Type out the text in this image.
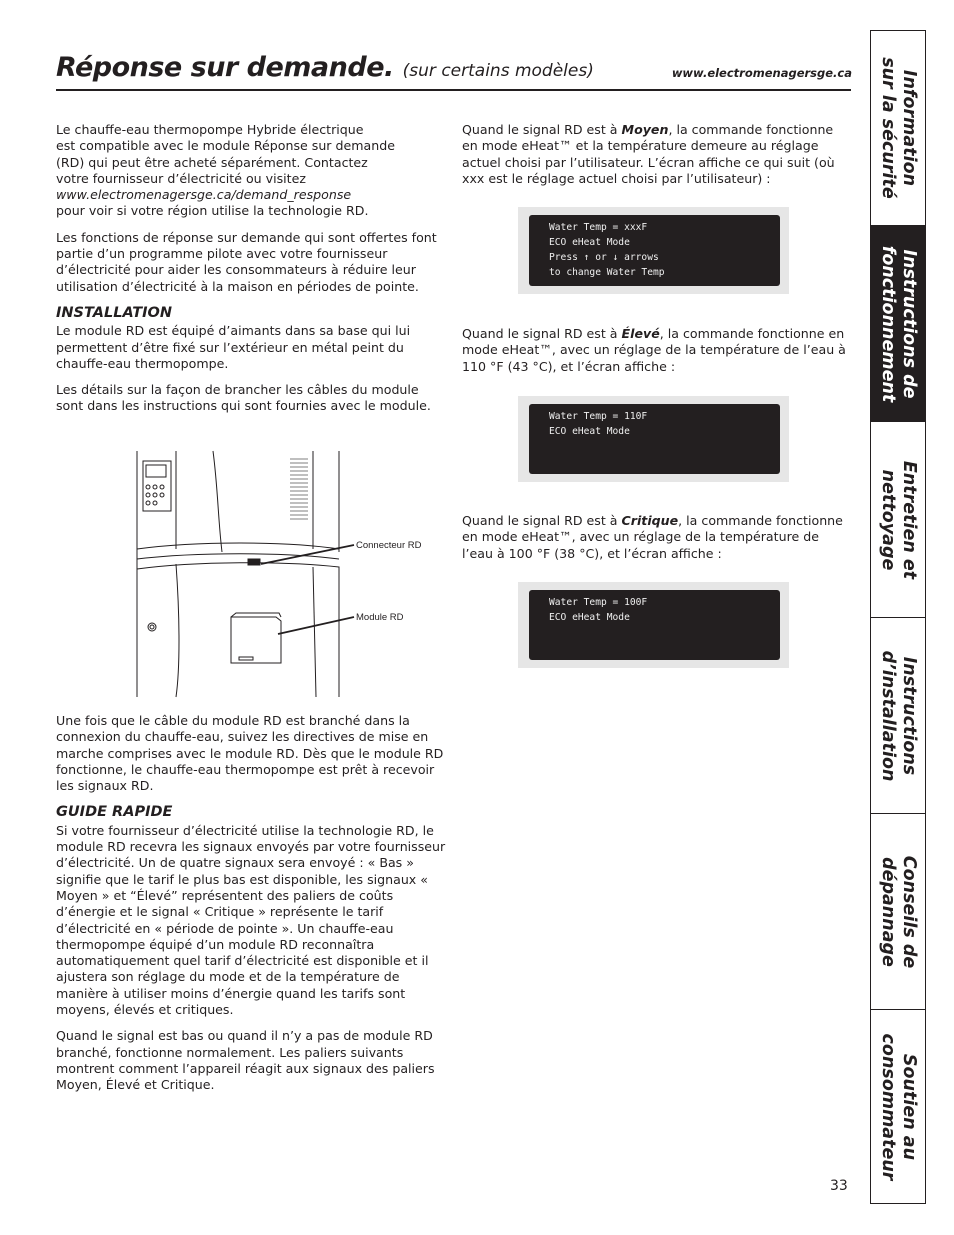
Réponse sur demande. (sur certains modèles)	www.electromenagersge.ca

Le chauffe-eau thermopompe Hybride électrique
est compatible avec le module Réponse sur demande
(RD) qui peut être acheté séparément. Contactez
votre fournisseur d’électricité ou visitez
www.electromenagersge.ca/demand_response
pour voir si votre région utilise la technologie RD.

Les fonctions de réponse sur demande qui sont offertes font partie d’un programme pilote avec votre fournisseur d’électricité pour aider les consommateurs à réduire leur utilisation d’électricité à la maison en périodes de pointe.

INSTALLATION

Le module RD est équipé d’aimants dans sa base qui lui permettent d’être fixé sur l’extérieur en métal peint du chauffe-eau thermopompe.

Les détails sur la façon de brancher les câbles du module sont dans les instructions qui sont fournies avec le module.

Connecteur RD
Module RD

Une fois que le câble du module RD est branché dans la connexion du chauffe-eau, suivez les directives de mise en marche comprises avec le module RD. Dès que le module RD fonctionne, le chauffe-eau thermopompe est prêt à recevoir les signaux RD.

GUIDE RAPIDE

Si votre fournisseur d’électricité utilise la technologie RD, le module RD recevra les signaux envoyés par votre fournisseur d’électricité. Un de quatre signaux sera envoyé : « Bas » signifie que le tarif le plus bas est disponible, les signaux « Moyen » et “Élevé” représentent des paliers de coûts d’énergie et le signal « Critique » représente le tarif d’électricité en « période de pointe ». Un chauffe-eau thermopompe équipé d’un module RD reconnaîtra automatiquement quel tarif d’électricité est disponible et il ajustera son réglage du mode et de la température de manière à utiliser moins d’énergie quand les tarifs sont moyens, élevés et critiques.

Quand le signal est bas ou quand il n’y a pas de module RD branché, fonctionne normalement. Les paliers suivants montrent comment l’appareil réagit aux signaux des paliers Moyen, Élevé et Critique.

Quand le signal RD est à Moyen, la commande fonctionne en mode eHeat™ et la température demeure au réglage actuel choisi par l’utilisateur. L’écran affiche ce qui suit (où xxx est le réglage actuel choisi par l’utilisateur) :

Water Temp = xxxF
ECO eHeat Mode
Press ↑ or ↓ arrows
to change Water Temp

Quand le signal RD est à Élevé, la commande fonctionne en mode eHeat™, avec un réglage de la température de l’eau à 110 °F (43 °C), et l’écran affiche :

Water Temp = 110F
ECO eHeat Mode

Quand le signal RD est à Critique, la commande fonctionne en mode eHeat™, avec un réglage de la température de l’eau à 100 °F (38 °C), et l’écran affiche :

Water Temp = 100F
ECO eHeat Mode
Information
sur la sécurité
Instructions de
fonctionnement
Entretien et
nettoyage
Instructions
d’installation
Conseils de
dépannage
Soutien au
consommateur
33
